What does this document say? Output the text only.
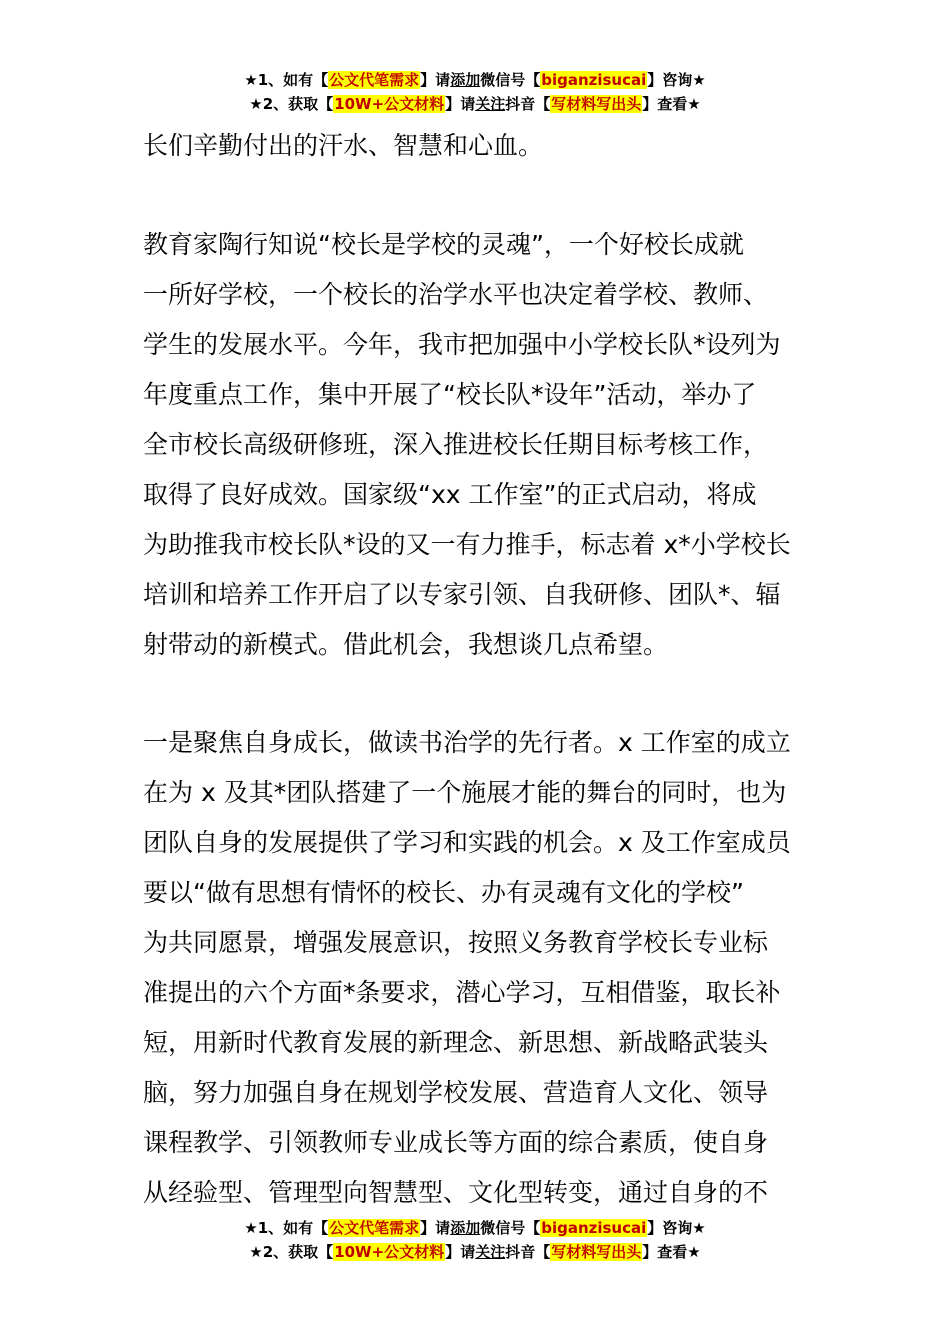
★1、如有【公文代笔需求】请添加微信号【biganzisucai】咨询★
★2、获取【10W+公文材料】请关注抖音【写材料写出头】查看★
长们辛勤付出的汗水、智慧和心血。
教育家陶行知说“校长是学校的灵魂”，一个好校长成就
一所好学校，一个校长的治学水平也决定着学校、教师、
学生的发展水平。今年，我市把加强中小学校长队*设列为
年度重点工作，集中开展了“校长队*设年”活动，举办了
全市校长高级研修班，深入推进校长任期目标考核工作，
取得了良好成效。国家级“xx 工作室”的正式启动，将成
为助推我市校长队*设的又一有力推手，标志着 x*小学校长
培训和培养工作开启了以专家引领、自我研修、团队*、辐
射带动的新模式。借此机会，我想谈几点希望。
一是聚焦自身成长，做读书治学的先行者。x 工作室的成立
在为 x 及其*团队搭建了一个施展才能的舞台的同时，也为
团队自身的发展提供了学习和实践的机会。x 及工作室成员
要以“做有思想有情怀的校长、办有灵魂有文化的学校”
为共同愿景，增强发展意识，按照义务教育学校长专业标
准提出的六个方面*条要求，潜心学习，互相借鉴，取长补
短，用新时代教育发展的新理念、新思想、新战略武装头
脑，努力加强自身在规划学校发展、营造育人文化、领导
课程教学、引领教师专业成长等方面的综合素质，使自身
从经验型、管理型向智慧型、文化型转变，通过自身的不
★1、如有【公文代笔需求】请添加微信号【biganzisucai】咨询★
★2、获取【10W+公文材料】请关注抖音【写材料写出头】查看★
